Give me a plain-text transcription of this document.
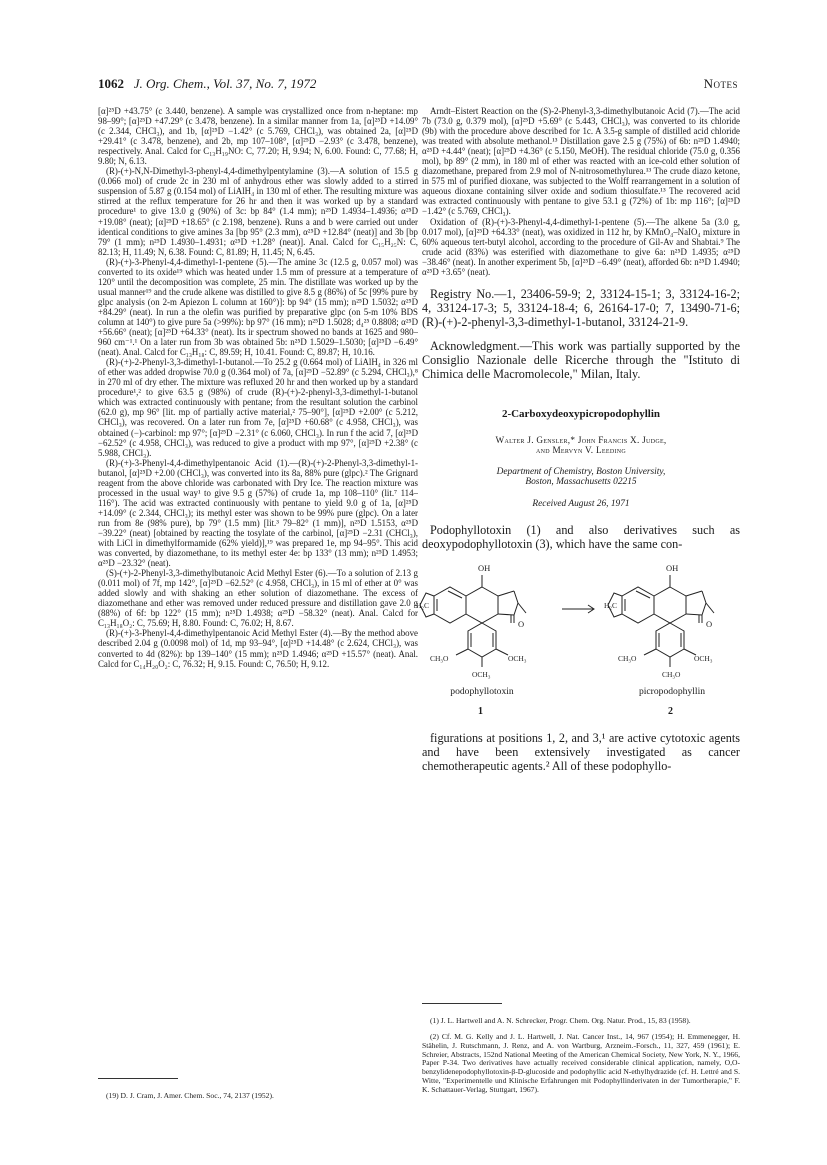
1062 J. Org. Chem., Vol. 37, No. 7, 1972	Notes

[α]²⁵D +43.75° (c 3.440, benzene). A sample was crystallized once from n-heptane: mp 98–99°; [α]²⁵D +47.29° (c 3.478, benzene). In a similar manner from 1a, [α]²⁵D +14.09° (c 2.344, CHCl₃), and 1b, [α]²⁵D −1.42° (c 5.769, CHCl₃), was obtained 2a, [α]²⁵D +29.41° (c 3.478, benzene), and 2b, mp 107–108°, [α]²⁵D −2.93° (c 3.478, benzene), respectively. Anal. Calcd for C₁₃H₁₉NO: C, 77.20; H, 9.94; N, 6.00. Found: C, 77.68; H, 9.80; N, 6.13.

(R)-(+)-N,N-Dimethyl-3-phenyl-4,4-dimethylpentylamine (3).—A solution of 15.5 g (0.066 mol) of crude 2c in 230 ml of anhydrous ether was slowly added to a stirred suspension of 5.87 g (0.154 mol) of LiAlH₄ in 130 ml of ether. The resulting mixture was stirred at the reflux temperature for 26 hr and then it was worked up by a standard procedure¹ to give 13.0 g (90%) of 3c: bp 84° (1.4 mm); n²⁵D 1.4934–1.4936; α²⁵D +19.08° (neat); [α]²⁵D +18.65° (c 2.198, benzene). Runs a and b were carried out under identical conditions to give amines 3a [bp 95° (2.3 mm), α²⁵D +12.84° (neat)] and 3b [bp 79° (1 mm); n²⁵D 1.4930–1.4931; α²⁵D +1.28° (neat)]. Anal. Calcd for C₁₅H₂₅N: C, 82.13; H, 11.49; N, 6.38. Found: C, 81.89; H, 11.45; N, 6.45.

(R)-(+)-3-Phenyl-4,4-dimethyl-1-pentene (5).—The amine 3c (12.5 g, 0.057 mol) was converted to its oxide¹⁹ which was heated under 1.5 mm of pressure at a temperature of 120° until the decomposition was complete, 25 min. The distillate was worked up by the usual manner¹⁹ and the crude alkene was distilled to give 8.5 g (86%) of 5c [99% pure by glpc analysis (on 2-m Apiezon L column at 160°)]: bp 94° (15 mm); n²⁵D 1.5032; α²⁵D +84.29° (neat). In run a the olefin was purified by preparative glpc (on 5-m 10% BDS column at 140°) to give pure 5a (>99%): bp 97° (16 mm); n²⁵D 1.5028; d₄²⁵ 0.8808; α²⁵D +56.66° (neat); [α]²⁵D +64.33° (neat). Its ir spectrum showed no bands at 1625 and 980–960 cm⁻¹.¹ On a later run from 3b was obtained 5b: n²⁵D 1.5029–1.5030; [α]²⁵D −6.49° (neat). Anal. Calcd for C₁₃H₁₈: C, 89.59; H, 10.41. Found: C, 89.87; H, 10.16.

(R)-(+)-2-Phenyl-3,3-dimethyl-1-butanol.—To 25.2 g (0.664 mol) of LiAlH₄ in 326 ml of ether was added dropwise 70.0 g (0.364 mol) of 7a, [α]²⁵D −52.89° (c 5.294, CHCl₃),⁸ in 270 ml of dry ether. The mixture was refluxed 20 hr and then worked up by a standard procedure¹,² to give 63.5 g (98%) of crude (R)-(+)-2-phenyl-3,3-dimethyl-1-butanol which was extracted continuously with pentane; from the resultant solution the carbinol (62.0 g), mp 96° [lit. mp of partially active material,² 75–90°], [α]²⁵D +2.00° (c 5.212, CHCl₃), was recovered. On a later run from 7e, [α]²⁵D +60.68° (c 4.958, CHCl₃), was obtained (−)-carbinol: mp 97°; [α]²⁵D −2.31° (c 6.060, CHCl₃). In run f the acid 7, [α]²⁵D −62.52° (c 4.958, CHCl₃), was reduced to give a product with mp 97°, [α]²⁵D +2.38° (c 5.988, CHCl₃).

(R)-(+)-3-Phenyl-4,4-dimethylpentanoic Acid (1).—(R)-(+)-2-Phenyl-3,3-dimethyl-1-butanol, [α]²⁵D +2.00 (CHCl₃), was converted into its 8a, 88% pure (glpc).² The Grignard reagent from the above chloride was carbonated with Dry Ice. The reaction mixture was processed in the usual way¹ to give 9.5 g (57%) of crude 1a, mp 108–110° (lit.⁷ 114–116°). The acid was extracted continuously with pentane to yield 9.0 g of 1a, [α]²⁵D +14.09° (c 2.344, CHCl₃); its methyl ester was shown to be 99% pure (glpc). On a later run from 8e (98% pure), bp 79° (1.5 mm) [lit.³ 79–82° (1 mm)], n²⁵D 1.5153, α²⁵D −39.22° (neat) [obtained by reacting the tosylate of the carbinol, [α]²⁵D −2.31 (CHCl₃), with LiCl in dimethylformamide (62% yield)],¹⁹ was prepared 1e, mp 94–95°. This acid was converted, by diazomethane, to its methyl ester 4e: bp 133° (13 mm); n²⁵D 1.4953; α²⁵D −23.32° (neat).

(S)-(+)-2-Phenyl-3,3-dimethylbutanoic Acid Methyl Ester (6).—To a solution of 2.13 g (0.011 mol) of 7f, mp 142°, [α]²⁵D −62.52° (c 4.958, CHCl₃), in 15 ml of ether at 0° was added slowly and with shaking an ether solution of diazomethane. The excess of diazomethane and ether was removed under reduced pressure and distillation gave 2.0 g (88%) of 6f: bp 122° (15 mm); n²⁵D 1.4938; α²⁵D −58.32° (neat). Anal. Calcd for C₁₃H₁₈O₂: C, 75.69; H, 8.80. Found: C, 76.02; H, 8.67.

(R)-(+)-3-Phenyl-4,4-dimethylpentanoic Acid Methyl Ester (4).—By the method above described 2.04 g (0.0098 mol) of 1d, mp 93–94°, [α]²⁵D +14.48° (c 2.624, CHCl₃), was converted to 4d (82%): bp 139–140° (15 mm); n²⁵D 1.4946; α²⁵D +15.57° (neat). Anal. Calcd for C₁₄H₂₀O₂: C, 76.32; H, 9.15. Found: C, 76.50; H, 9.12.

(19) D. J. Cram, J. Amer. Chem. Soc., 74, 2137 (1952).

Arndt–Eistert Reaction on the (S)-2-Phenyl-3,3-dimethylbutanoic Acid (7).—The acid 7b (73.0 g, 0.379 mol), [α]²⁵D +5.69° (c 5.443, CHCl₃), was converted to its chloride (9b) with the procedure above described for 1c. A 3.5-g sample of distilled acid chloride was treated with absolute methanol.¹³ Distillation gave 2.5 g (75%) of 6b: n²⁵D 1.4940; α²⁵D +4.44° (neat); [α]²⁵D +4.36° (c 5.150, MeOH). The residual chloride (75.0 g, 0.356 mol), bp 89° (2 mm), in 180 ml of ether was reacted with an ice-cold ether solution of diazomethane, prepared from 2.9 mol of N-nitrosomethylurea.¹³ The crude diazo ketone, in 575 ml of purified dioxane, was subjected to the Wolff rearrangement in a solution of aqueous dioxane containing silver oxide and sodium thiosulfate.¹³ The recovered acid was extracted continuously with pentane to give 53.1 g (72%) of 1b: mp 116°; [α]²⁵D −1.42° (c 5.769, CHCl₃).

Oxidation of (R)-(+)-3-Phenyl-4,4-dimethyl-1-pentene (5).—The alkene 5a (3.0 g, 0.017 mol), [α]²⁵D +64.33° (neat), was oxidized in 112 hr, by KMnO₄–NaIO₄ mixture in 60% aqueous tert-butyl alcohol, according to the procedure of Gil-Av and Shabtai.⁹ The crude acid (83%) was esterified with diazomethane to give 6a: n²⁵D 1.4935; α²⁵D −38.46° (neat). In another experiment 5b, [α]²⁵D −6.49° (neat), afforded 6b: n²⁵D 1.4940; α²⁵D +3.65° (neat).

Registry No.—1, 23406-59-9; 2, 33124-15-1; 3, 33124-16-2; 4, 33124-17-3; 5, 33124-18-4; 6, 26164-17-0; 7, 13490-71-6; (R)-(+)-2-phenyl-3,3-dimethyl-1-butanol, 33124-21-9.

Acknowledgment.—This work was partially supported by the Consiglio Nazionale delle Ricerche through the "Istituto di Chimica delle Macromolecole," Milan, Italy.

2-Carboxydeoxypicropodophyllin

Walter J. Gensler,* John Francis X. Judge,
and Mervyn V. Leeding

Department of Chemistry, Boston University,
Boston, Massachusetts 02215

Received August 26, 1971

Podophyllotoxin (1) and also derivatives such as deoxypodophyllotoxin (3), which have the same con-

OH
H₂C
O
CH₃O	OCH₃
OCH₃
OH
H₂C
O
CH₃O	OCH₃
CH₃O
podophyllotoxin
1
picropodophyllin
2

figurations at positions 1, 2, and 3,¹ are active cytotoxic agents and have been extensively investigated as cancer chemotherapeutic agents.² All of these podophyllo-

(1) J. L. Hartwell and A. N. Schrecker, Progr. Chem. Org. Natur. Prod., 15, 83 (1958).

(2) Cf. M. G. Kelly and J. L. Hartwell, J. Nat. Cancer Inst., 14, 967 (1954); H. Emmenegger, H. Stähelin, J. Rutschmann, J. Renz, and A. von Wartburg, Arzneim.-Forsch., 11, 327, 459 (1961); E. Schreier, Abstracts, 152nd National Meeting of the American Chemical Society, New York, N. Y., 1966, Paper P-34. Two derivatives have actually received considerable clinical application, namely, O,O-benzylidenepodophyllotoxin-β-D-glucoside and podophyllic acid N-ethylhydrazide (cf. H. Lettré and S. Witte, "Experimentelle und Klinische Erfahrungen mit Podophyllinderivaten in der Tumortherapie," F. K. Schattauer-Verlag, Stuttgart, 1967).
